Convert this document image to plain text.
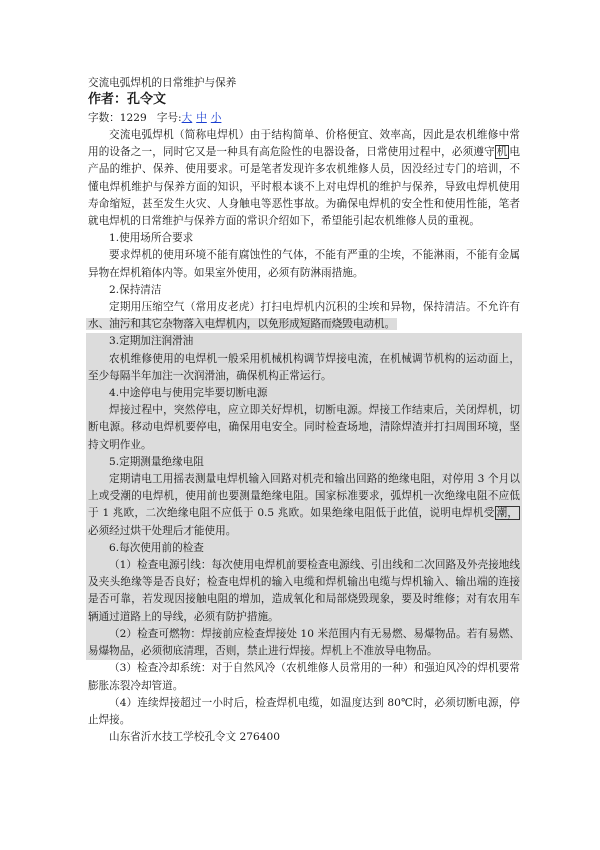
交流电弧焊机的日常维护与保养

作者：孔令文

字数：1229 字号:大 中 小

交流电弧焊机（简称电焊机）由于结构简单、价格便宜、效率高，因此是农机维修中常用的设备之一，同时它又是一种具有高危险性的电器设备，日常使用过程中，必须遵守 机 电产品的维护、保养、使用要求。可是笔者发现许多农机维修人员，因没经过专门的培训，不懂电焊机维护与保养方面的知识，平时根本谈不上对电焊机的维护与保养，导致电焊机使用寿命缩短，甚至发生火灾、人身触电等恶性事故。为确保电焊机的安全性和使用性能，笔者就电焊机的日常维护与保养方面的常识介绍如下，希望能引起农机维修人员的重视。

1.使用场所合要求

要求焊机的使用环境不能有腐蚀性的气体，不能有严重的尘埃，不能淋雨，不能有金属异物在焊机箱体内等。如果室外使用，必须有防淋雨措施。

2.保持清洁

定期用压缩空气（常用皮老虎）打扫电焊机内沉积的尘埃和异物，保持清洁。不允许有水、油污和其它杂物落入电焊机内，以免形成短路而烧毁电动机。

3.定期加注润滑油

农机维修使用的电焊机一般采用机械机构调节焊接电流，在机械调节机构的运动面上，至少每隔半年加注一次润滑油，确保机构正常运行。

4.中途停电与使用完毕要切断电源

焊接过程中，突然停电，应立即关好焊机，切断电源。焊接工作结束后，关闭焊机，切断电源。移动电焊机要停电，确保用电安全。同时检查场地，清除焊渣并打扫周围环境，坚持文明作业。

5.定期测量绝缘电阻

定期请电工用摇表测量电焊机输入回路对机壳和输出回路的绝缘电阻，对停用 3 个月以上或受潮的电焊机，使用前也要测量绝缘电阻。国家标准要求，弧焊机一次绝缘电阻不应低于 1 兆欧，二次绝缘电阻不应低于 0.5 兆欧。如果绝缘电阻低于此值，说明电焊机受 潮，必须经过烘干处理后才能使用。

6.每次使用前的检查

（1）检查电源引线：每次使用电焊机前要检查电源线、引出线和二次回路及外壳接地线及夹头绝缘等是否良好；检查电焊机的输入电缆和焊机输出电缆与焊机输入、输出端的连接是否可靠，若发现因接触电阻的增加，造成氧化和局部烧毁现象，要及时维修；对有农用车辆通过道路上的导线，必须有防护措施。

（2）检查可燃物：焊接前应检查焊接处 10 米范围内有无易燃、易爆物品。若有易燃、易爆物品，必须彻底清理，否则，禁止进行焊接。焊机上不准放导电物品。

（3）检查冷却系统：对于自然风冷（农机维修人员常用的一种）和强迫风冷的焊机要常膨胀冻裂冷却管道。

（4）连续焊接超过一小时后，检查焊机电缆，如温度达到 80℃时，必须切断电源，停止焊接。

山东省沂水技工学校孔令文 276400
